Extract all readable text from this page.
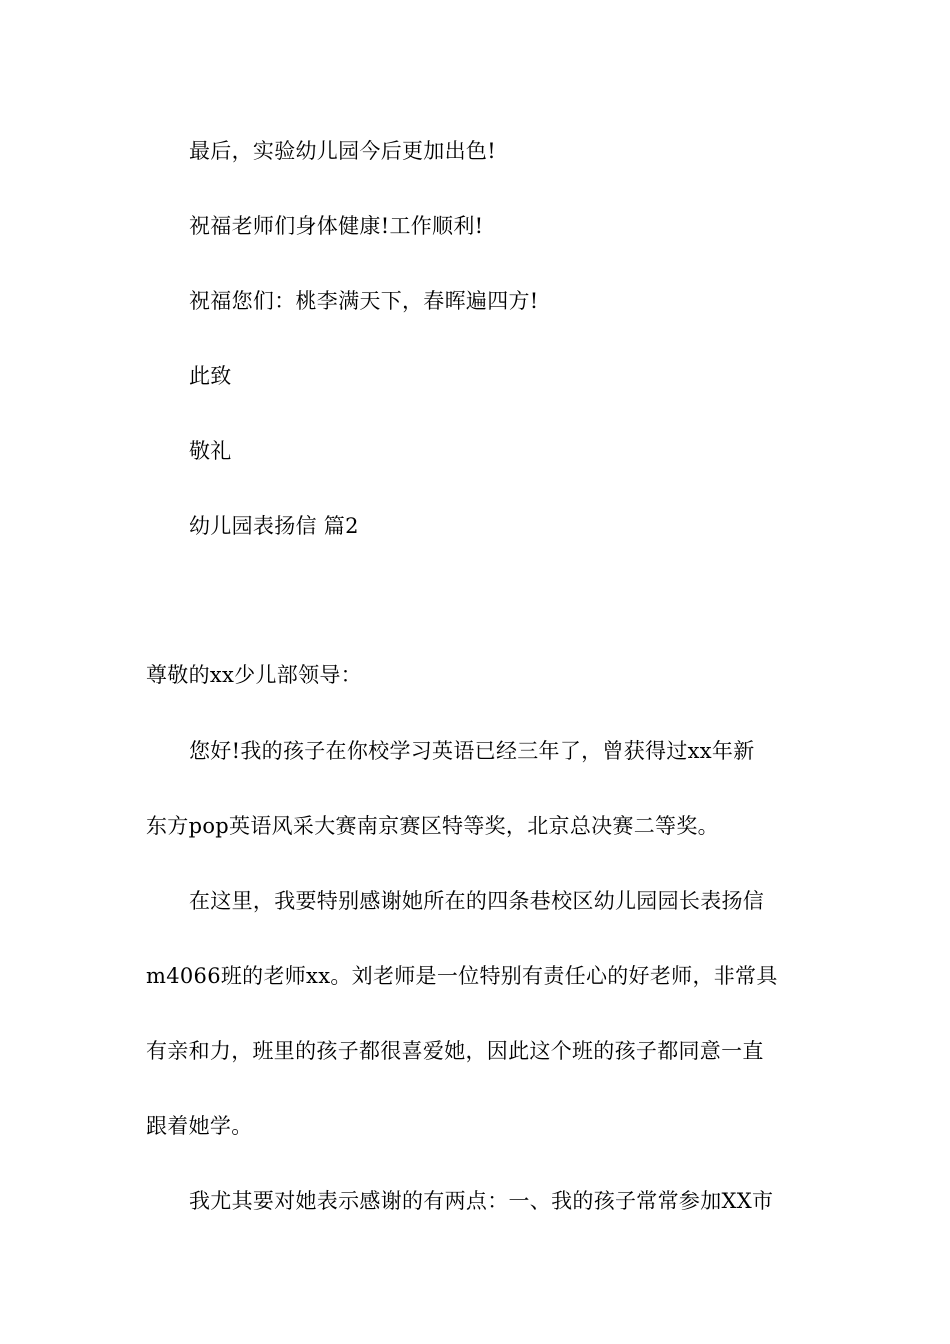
最后，实验幼儿园今后更加出色!
祝福老师们身体健康!工作顺利!
祝福您们：桃李满天下，春晖遍四方!
此致
敬礼
幼儿园表扬信 篇2
尊敬的xx少儿部领导：
您好!我的孩子在你校学习英语已经三年了，曾获得过xx年新
东方pop英语风采大赛南京赛区特等奖，北京总决赛二等奖。
在这里，我要特别感谢她所在的四条巷校区幼儿园园长表扬信
m4066班的老师xx。刘老师是一位特别有责任心的好老师，非常具
有亲和力，班里的孩子都很喜爱她，因此这个班的孩子都同意一直
跟着她学。
我尤其要对她表示感谢的有两点：一、我的孩子常常参加XX市
